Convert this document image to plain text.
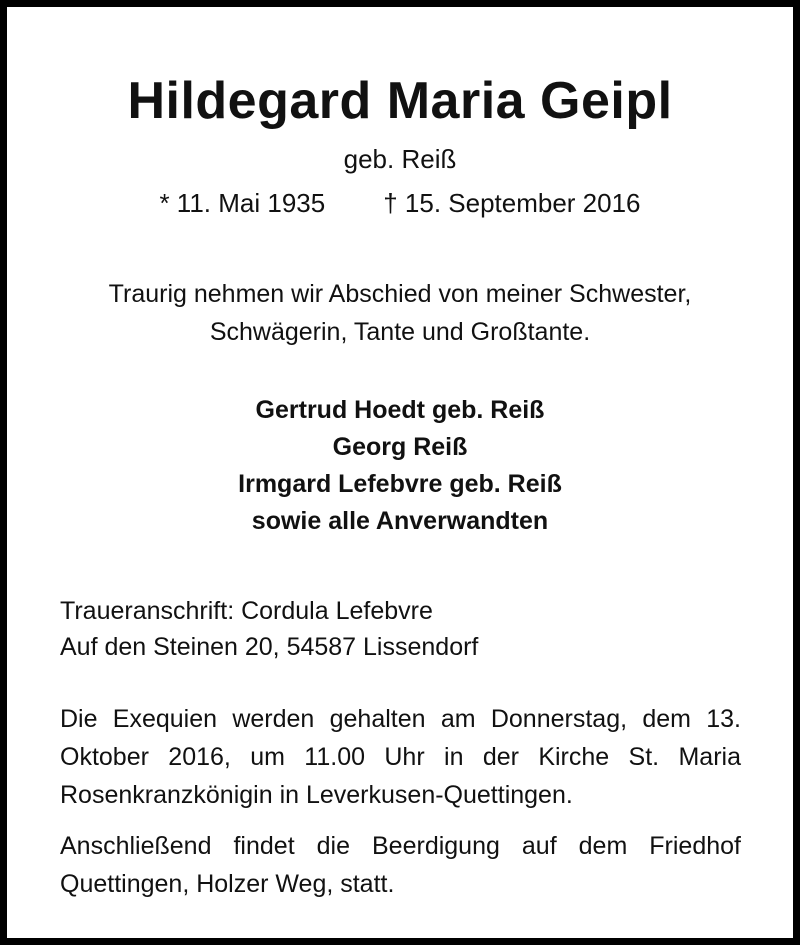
Hildegard Maria Geipl
geb. Reiß
* 11. Mai 1935 † 15. September 2016
Traurig nehmen wir Abschied von meiner Schwester,
Schwägerin, Tante und Großtante.
Gertrud Hoedt geb. Reiß
Georg Reiß
Irmgard Lefebvre geb. Reiß
sowie alle Anverwandten
Traueranschrift: Cordula Lefebvre
Auf den Steinen 20, 54587 Lissendorf
Die Exequien werden gehalten am Donnerstag, dem 13. Oktober 2016, um 11.00 Uhr in der Kirche St. Maria Rosenkranzkönigin in Leverkusen-Quettingen.
Anschließend findet die Beerdigung auf dem Friedhof Quettingen, Holzer Weg, statt.
